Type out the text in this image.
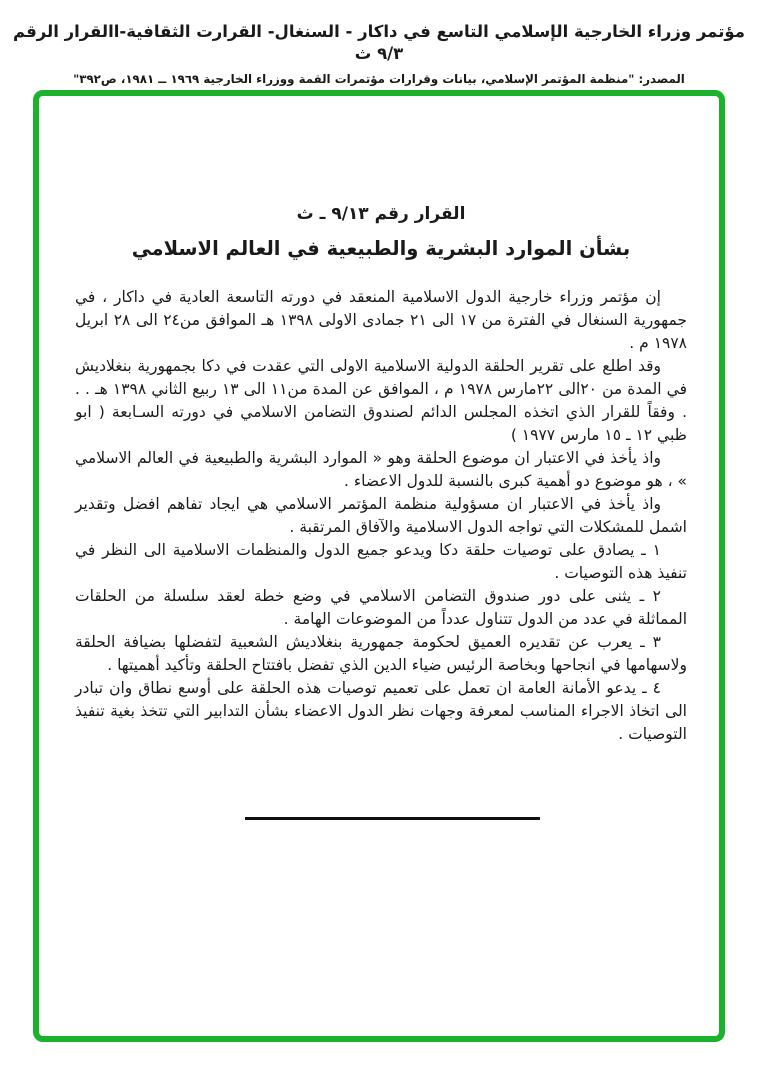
مؤتمر وزراء الخارجية الإسلامي التاسع في داكار - السنغال- القرارت الثقافية-االقرار الرقم ٩/٣ ث
المصدر: "منظمة المؤتمر الإسلامي، بيانات وقرارات مؤتمرات القمة ووزراء الخارجية ١٩٦٩ ــ ١٩٨١، ص٣٩٢"
القرار رقم ٩/١٣ ـ ث
بشأن الموارد البشرية والطبيعية في العالم الاسلامي

إن مؤتمر وزراء خارجية الدول الاسلامية المنعقد في دورته التاسعة العادية في داكار ، في جمهورية السنغال في الفترة من ١٧ الى ٢١ جمادى الاولى ١٣٩٨ هـ الموافق من٢٤ الى ٢٨ ابريل ١٩٧٨ م .

وقد اطلع على تقرير الحلقة الدولية الاسلامية الاولى التي عقدت في دكا بجمهورية بنغلاديش في المدة من ٢٠الى ٢٢مارس ١٩٧٨ م ، الموافق عن المدة من١١ الى ١٣ ربيع الثاني ١٣٩٨ هـ . . . وفقاً للقرار الذي اتخذه المجلس الدائم لصندوق التضامن الاسلامي في دورته السـابعة ( ابو ظبي ١٢ ـ ١٥ مارس ١٩٧٧ )

واذ يأخذ في الاعتبار ان موضوع الحلقة وهو « الموارد البشرية والطبيعية في العالم الاسلامي » ، هو موضوع دو أهمية كبرى بالنسبة للدول الاعضاء .

واذ يأخذ في الاعتبار ان مسؤولية منظمة المؤتمر الاسلامي هي ايجاد تفاهم افضل وتقدير اشمل للمشكلات التي تواجه الدول الاسلامية والآفاق المرتقبة .

١ ـ يصادق على توصيات حلقة دكا ويدعو جميع الدول والمنظمات الاسلامية الى النظر في تنفيذ هذه التوصيات .

٢ ـ يثنى على دور صندوق التضامن الاسلامي في وضع خطة لعقد سلسلة من الحلقات المماثلة في عدد من الدول تتناول عدداً من الموضوعات الهامة .

٣ ـ يعرب عن تقديره العميق لحكومة جمهورية بنغلاديش الشعبية لتفضلها بضيافة الحلقة ولاسهامها في انجاحها وبخاصة الرئيس ضياء الدين الذي تفضل بافتتاح الحلقة وتأكيد أهميتها .

٤ ـ يدعو الأمانة العامة ان تعمل على تعميم توصيات هذه الحلقة على أوسع نطاق وان تبادر الى اتخاذ الاجراء المناسب لمعرفة وجهات نظر الدول الاعضاء بشأن التدابير التي تتخذ بغية تنفيذ التوصيات .
